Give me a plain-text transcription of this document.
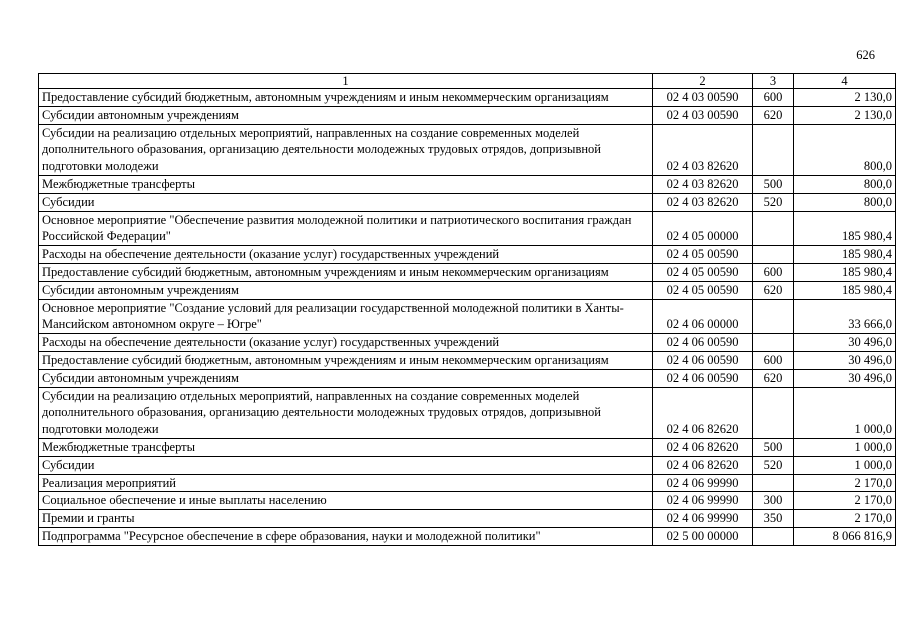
626
1	2	3	4
Предоставление субсидий бюджетным, автономным учреждениям и иным некоммерческим организациям	02 4 03 00590	600	2 130,0
Субсидии автономным учреждениям	02 4 03 00590	620	2 130,0
Субсидии на реализацию отдельных мероприятий, направленных на создание современных моделей дополнительного образования, организацию деятельности молодежных трудовых отрядов, допризывной подготовки молодежи	02 4 03 82620		800,0
Межбюджетные трансферты	02 4 03 82620	500	800,0
Субсидии	02 4 03 82620	520	800,0
Основное мероприятие "Обеспечение развития молодежной политики и патриотического воспитания граждан Российской Федерации"	02 4 05 00000		185 980,4
Расходы на обеспечение деятельности (оказание услуг) государственных учреждений	02 4 05 00590		185 980,4
Предоставление субсидий бюджетным, автономным учреждениям и иным некоммерческим организациям	02 4 05 00590	600	185 980,4
Субсидии автономным учреждениям	02 4 05 00590	620	185 980,4
Основное мероприятие "Создание условий для реализации государственной молодежной политики в Ханты-Мансийском автономном округе – Югре"	02 4 06 00000		33 666,0
Расходы на обеспечение деятельности (оказание услуг) государственных учреждений	02 4 06 00590		30 496,0
Предоставление субсидий бюджетным, автономным учреждениям и иным некоммерческим организациям	02 4 06 00590	600	30 496,0
Субсидии автономным учреждениям	02 4 06 00590	620	30 496,0
Субсидии на реализацию отдельных мероприятий, направленных на создание современных моделей дополнительного образования, организацию деятельности молодежных трудовых отрядов, допризывной подготовки молодежи	02 4 06 82620		1 000,0
Межбюджетные трансферты	02 4 06 82620	500	1 000,0
Субсидии	02 4 06 82620	520	1 000,0
Реализация мероприятий	02 4 06 99990		2 170,0
Социальное обеспечение и иные выплаты населению	02 4 06 99990	300	2 170,0
Премии и гранты	02 4 06 99990	350	2 170,0
Подпрограмма "Ресурсное обеспечение в сфере образования, науки и молодежной политики"	02 5 00 00000		8 066 816,9
